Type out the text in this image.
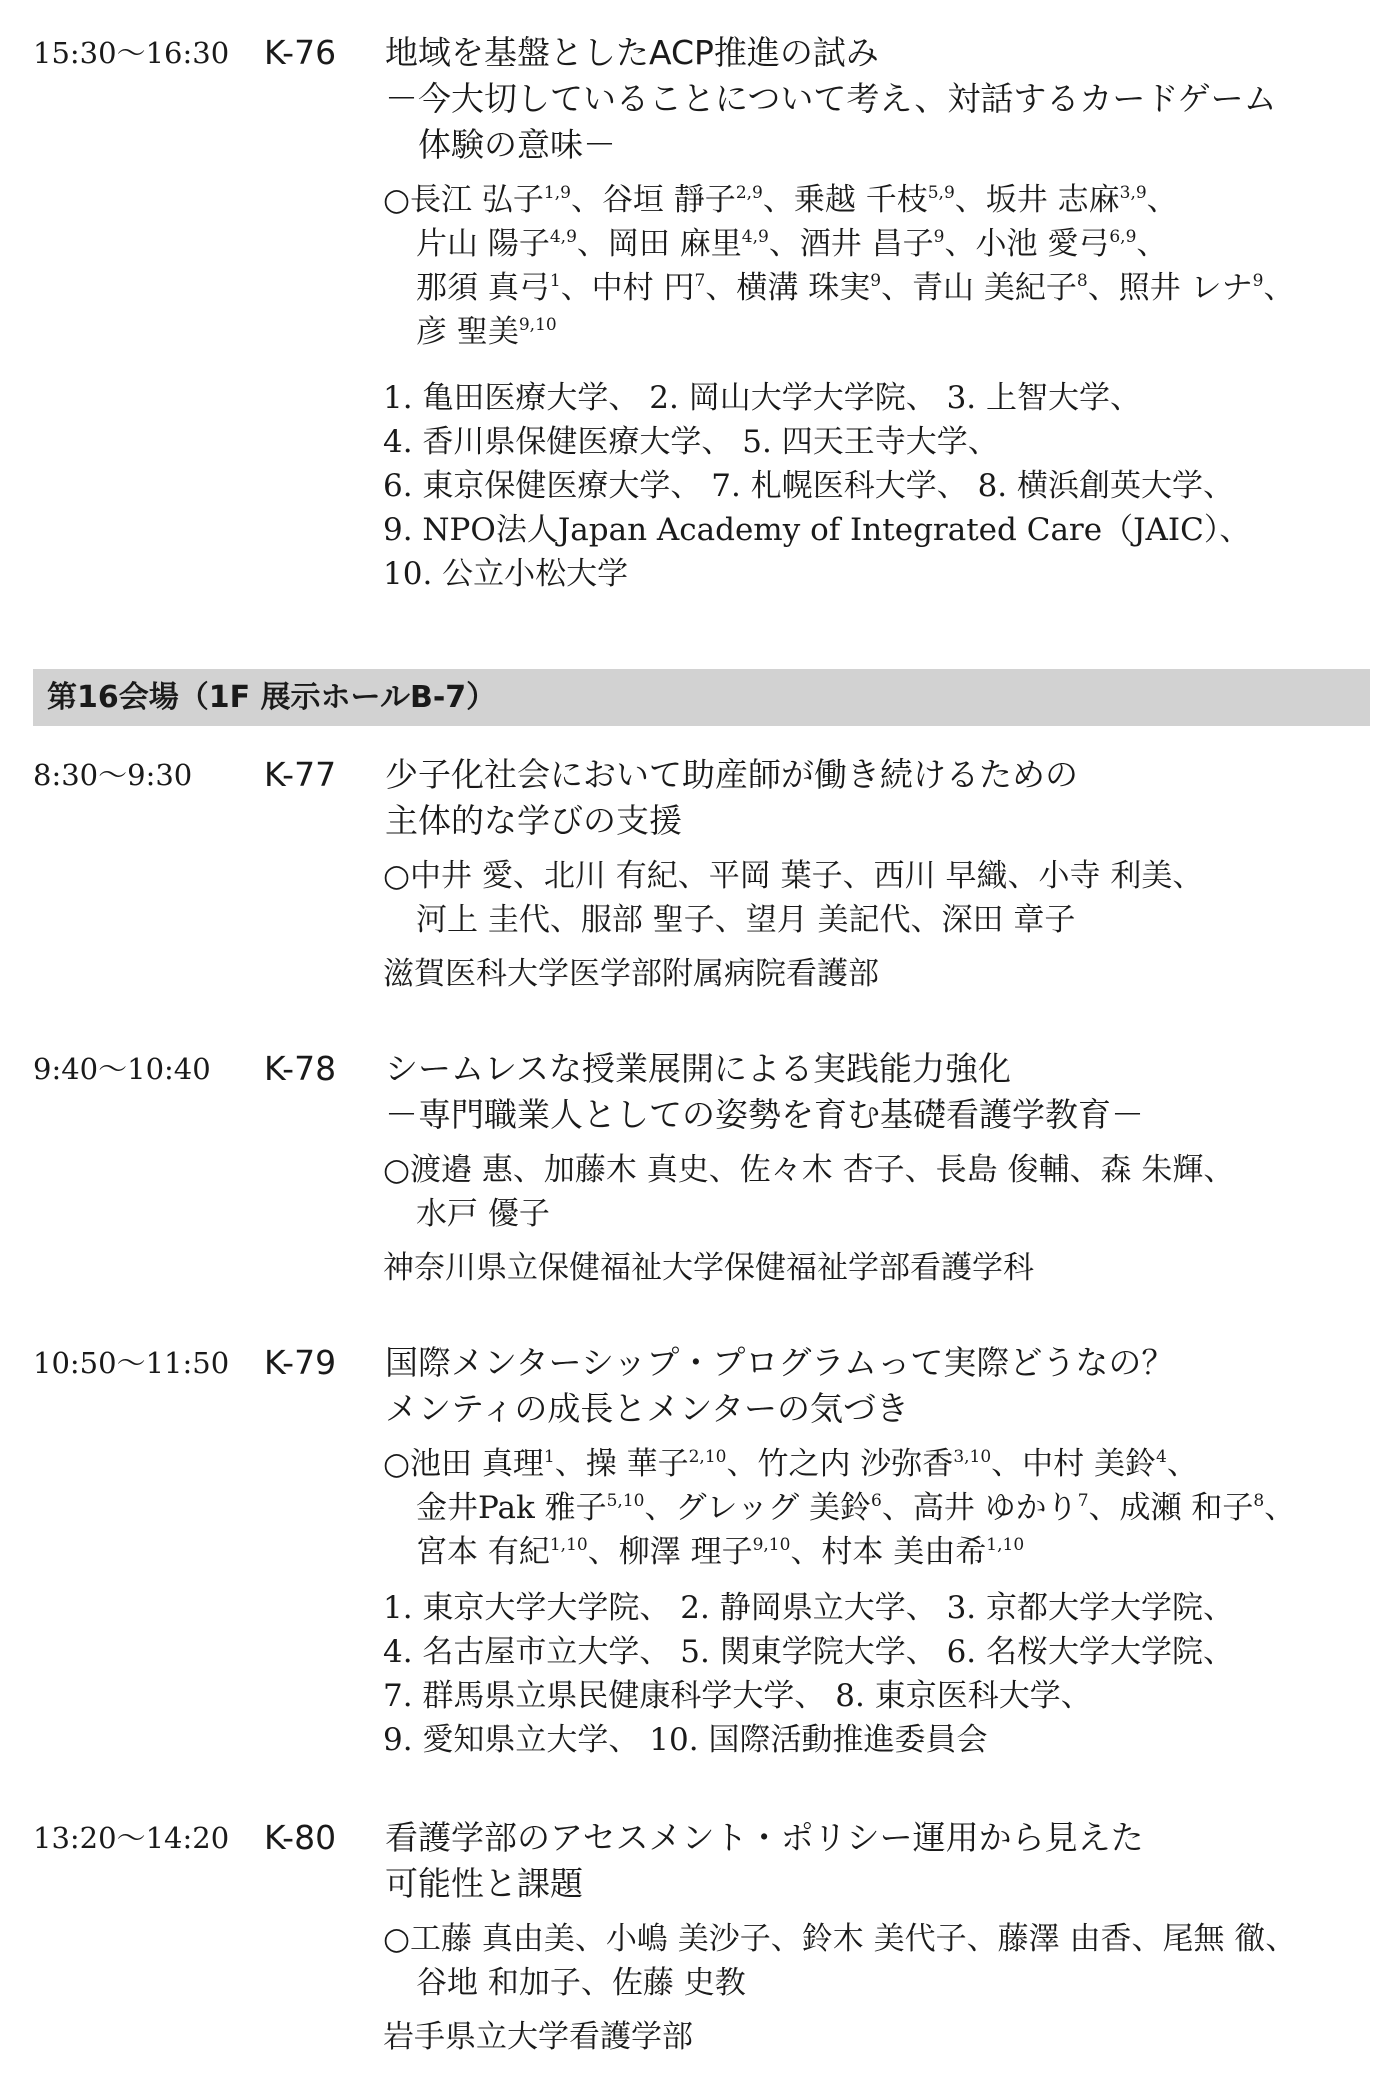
15:30〜16:30 K-76 地域を基盤としたACP推進の試み
－今大切していることについて考え、対話するカードゲーム
体験の意味－
○長江 弘子$^{1,9}$、谷垣 靜子$^{2,9}$、乗越 千枝$^{5,9}$、坂井 志麻$^{3,9}$、
片山 陽子$^{4,9}$、岡田 麻里$^{4,9}$、酒井 昌子$^9$、小池 愛弓$^{6,9}$、
那須 真弓$^1$、中村 円$^7$、横溝 珠実$^9$、青山 美紀子$^8$、照井 レナ$^9$、
彦 聖美$^{9,10}$
1. 亀田医療大学、 2. 岡山大学大学院、 3. 上智大学、
4. 香川県保健医療大学、 5. 四天王寺大学、
6. 東京保健医療大学、 7. 札幌医科大学、 8. 横浜創英大学、
9. NPO法人Japan Academy of Integrated Care（JAIC）、
10. 公立小松大学
第16会場（1F 展示ホールB-7）
8:30〜9:30 K-77 少子化社会において助産師が働き続けるための
主体的な学びの支援
○中井 愛、北川 有紀、平岡 葉子、西川 早織、小寺 利美、
河上 圭代、服部 聖子、望月 美記代、深田 章子
滋賀医科大学医学部附属病院看護部
9:40〜10:40 K-78 シームレスな授業展開による実践能力強化
－専門職業人としての姿勢を育む基礎看護学教育－
○渡邉 惠、加藤木 真史、佐々木 杏子、長島 俊輔、森 朱輝、
水戸 優子
神奈川県立保健福祉大学保健福祉学部看護学科
10:50〜11:50 K-79 国際メンターシップ・プログラムって実際どうなの？
メンティの成長とメンターの気づき
○池田 真理$^1$、操 華子$^{2,10}$、竹之内 沙弥香$^{3,10}$、中村 美鈴$^4$、
金井Pak 雅子$^{5,10}$、グレッグ 美鈴$^6$、高井 ゆかり$^7$、成瀬 和子$^8$、
宮本 有紀$^{1,10}$、柳澤 理子$^{9,10}$、村本 美由希$^{1,10}$
1. 東京大学大学院、 2. 静岡県立大学、 3. 京都大学大学院、
4. 名古屋市立大学、 5. 関東学院大学、 6. 名桜大学大学院、
7. 群馬県立県民健康科学大学、 8. 東京医科大学、
9. 愛知県立大学、 10. 国際活動推進委員会
13:20〜14:20 K-80 看護学部のアセスメント・ポリシー運用から見えた
可能性と課題
○工藤 真由美、小嶋 美沙子、鈴木 美代子、藤澤 由香、尾無 徹、
谷地 和加子、佐藤 史教
岩手県立大学看護学部
